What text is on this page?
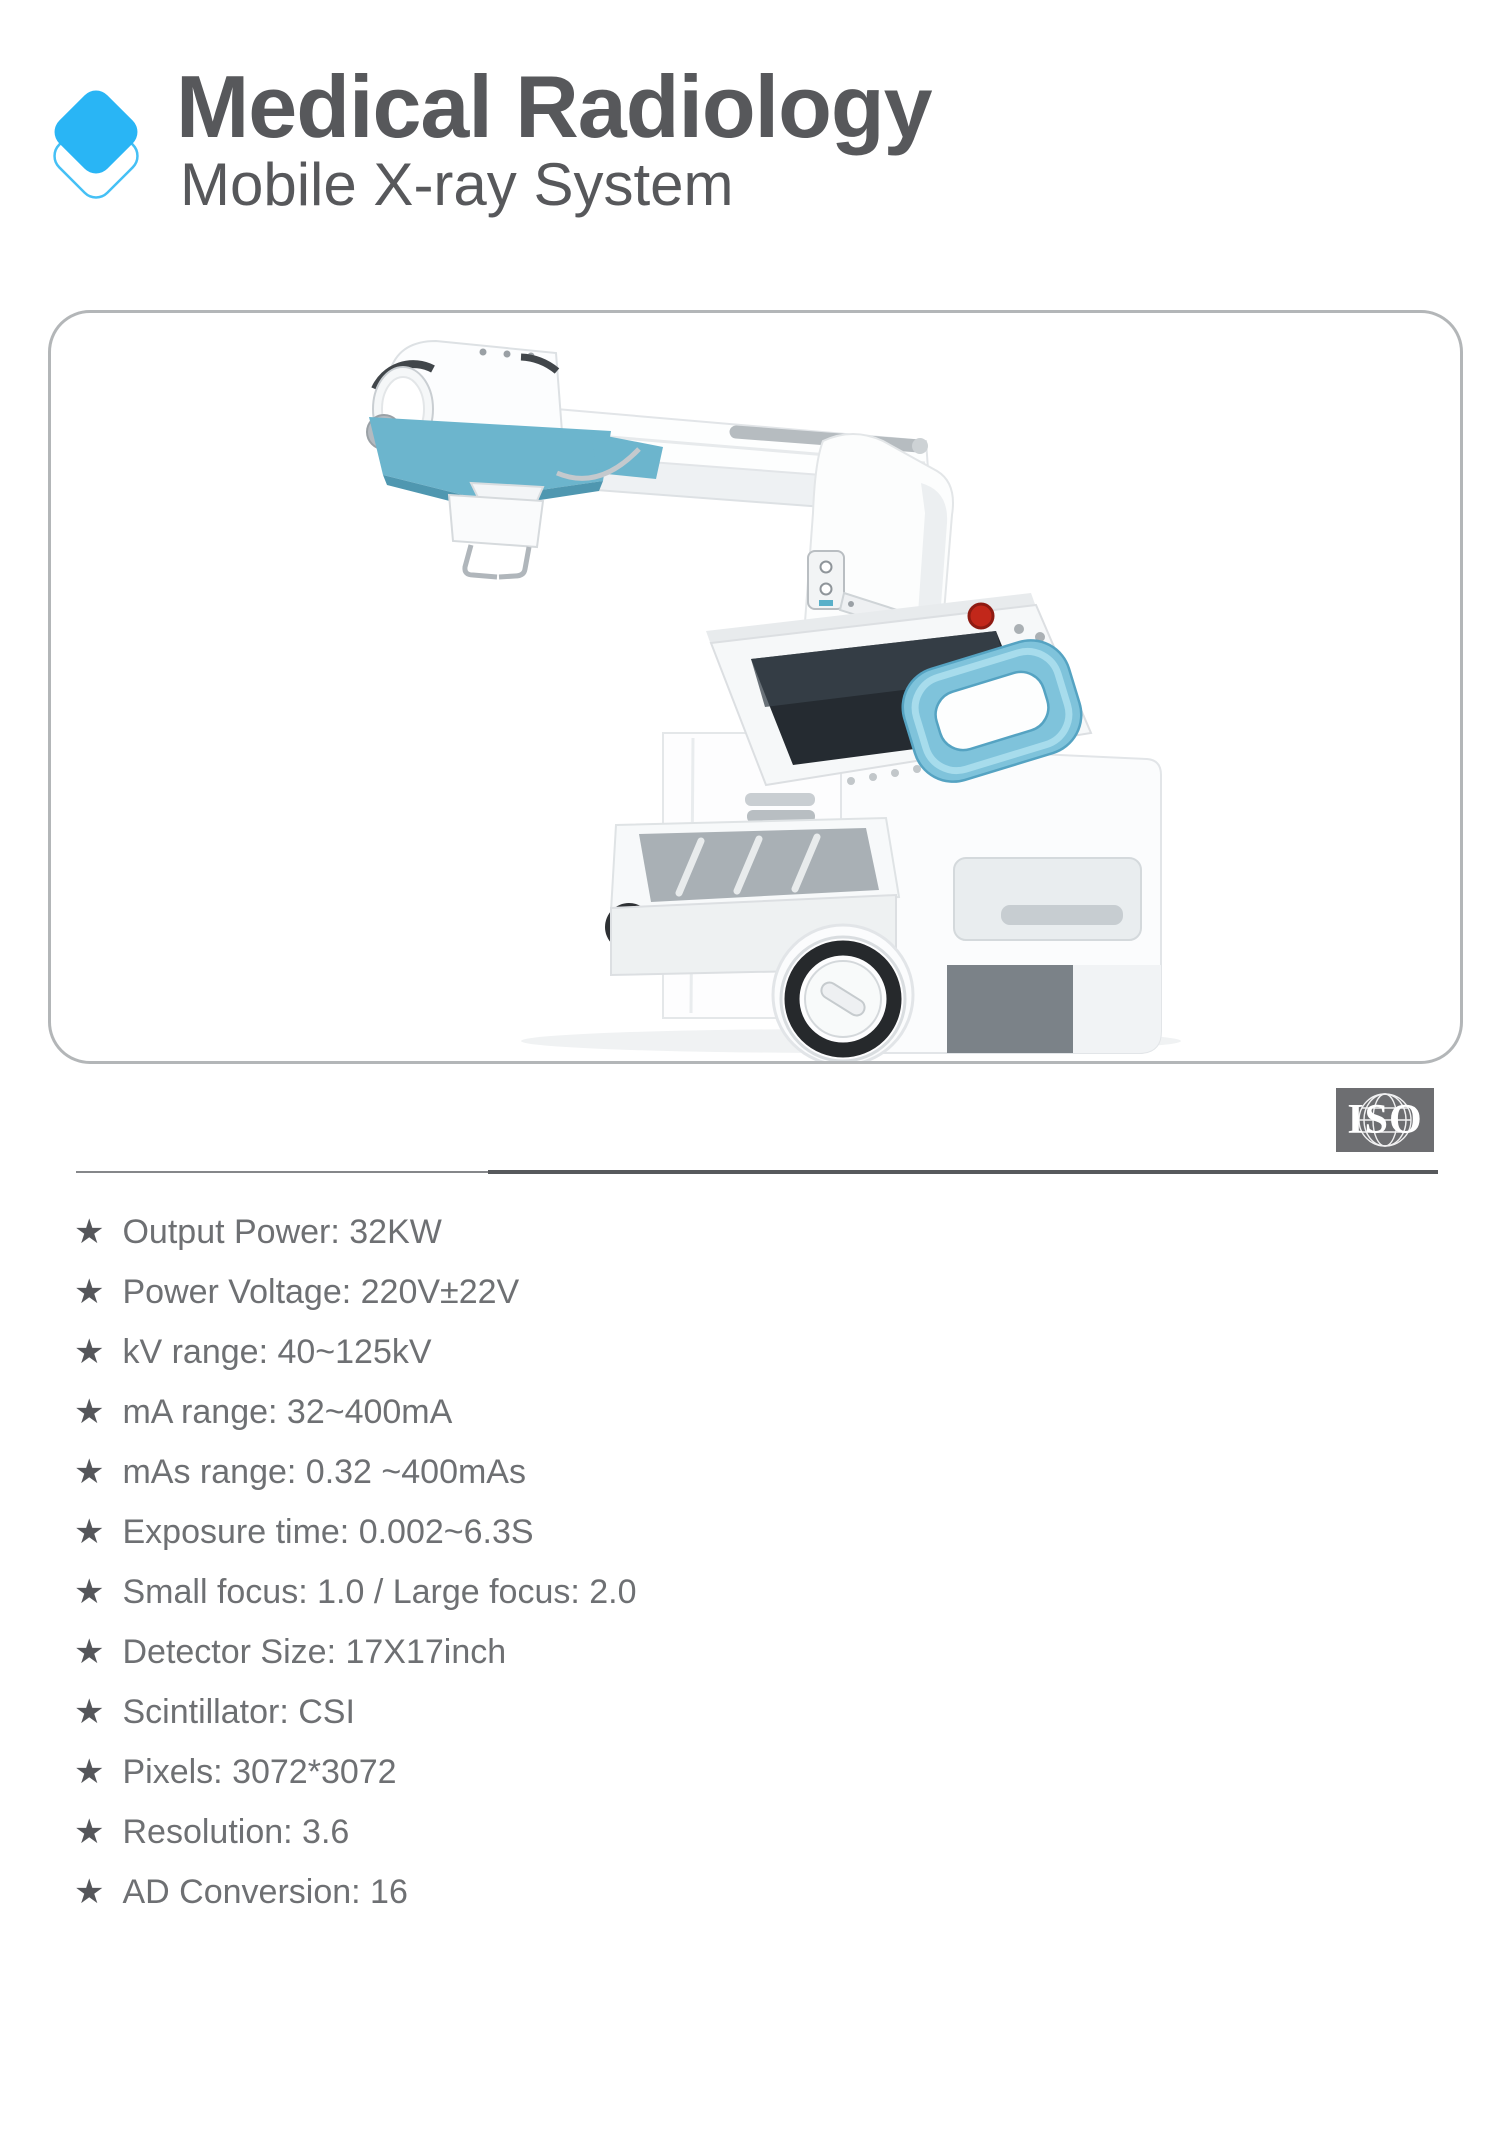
Medical Radiology
Mobile X-ray System
ISO
★ Output Power: 32KW
★ Power Voltage: 220V±22V
★ kV range: 40~125kV
★ mA range: 32~400mA
★ mAs range: 0.32 ~400mAs
★ Exposure time: 0.002~6.3S
★ Small focus: 1.0 / Large focus: 2.0
★ Detector Size: 17X17inch
★ Scintillator: CSI
★ Pixels: 3072*3072
★ Resolution: 3.6
★ AD Conversion: 16
